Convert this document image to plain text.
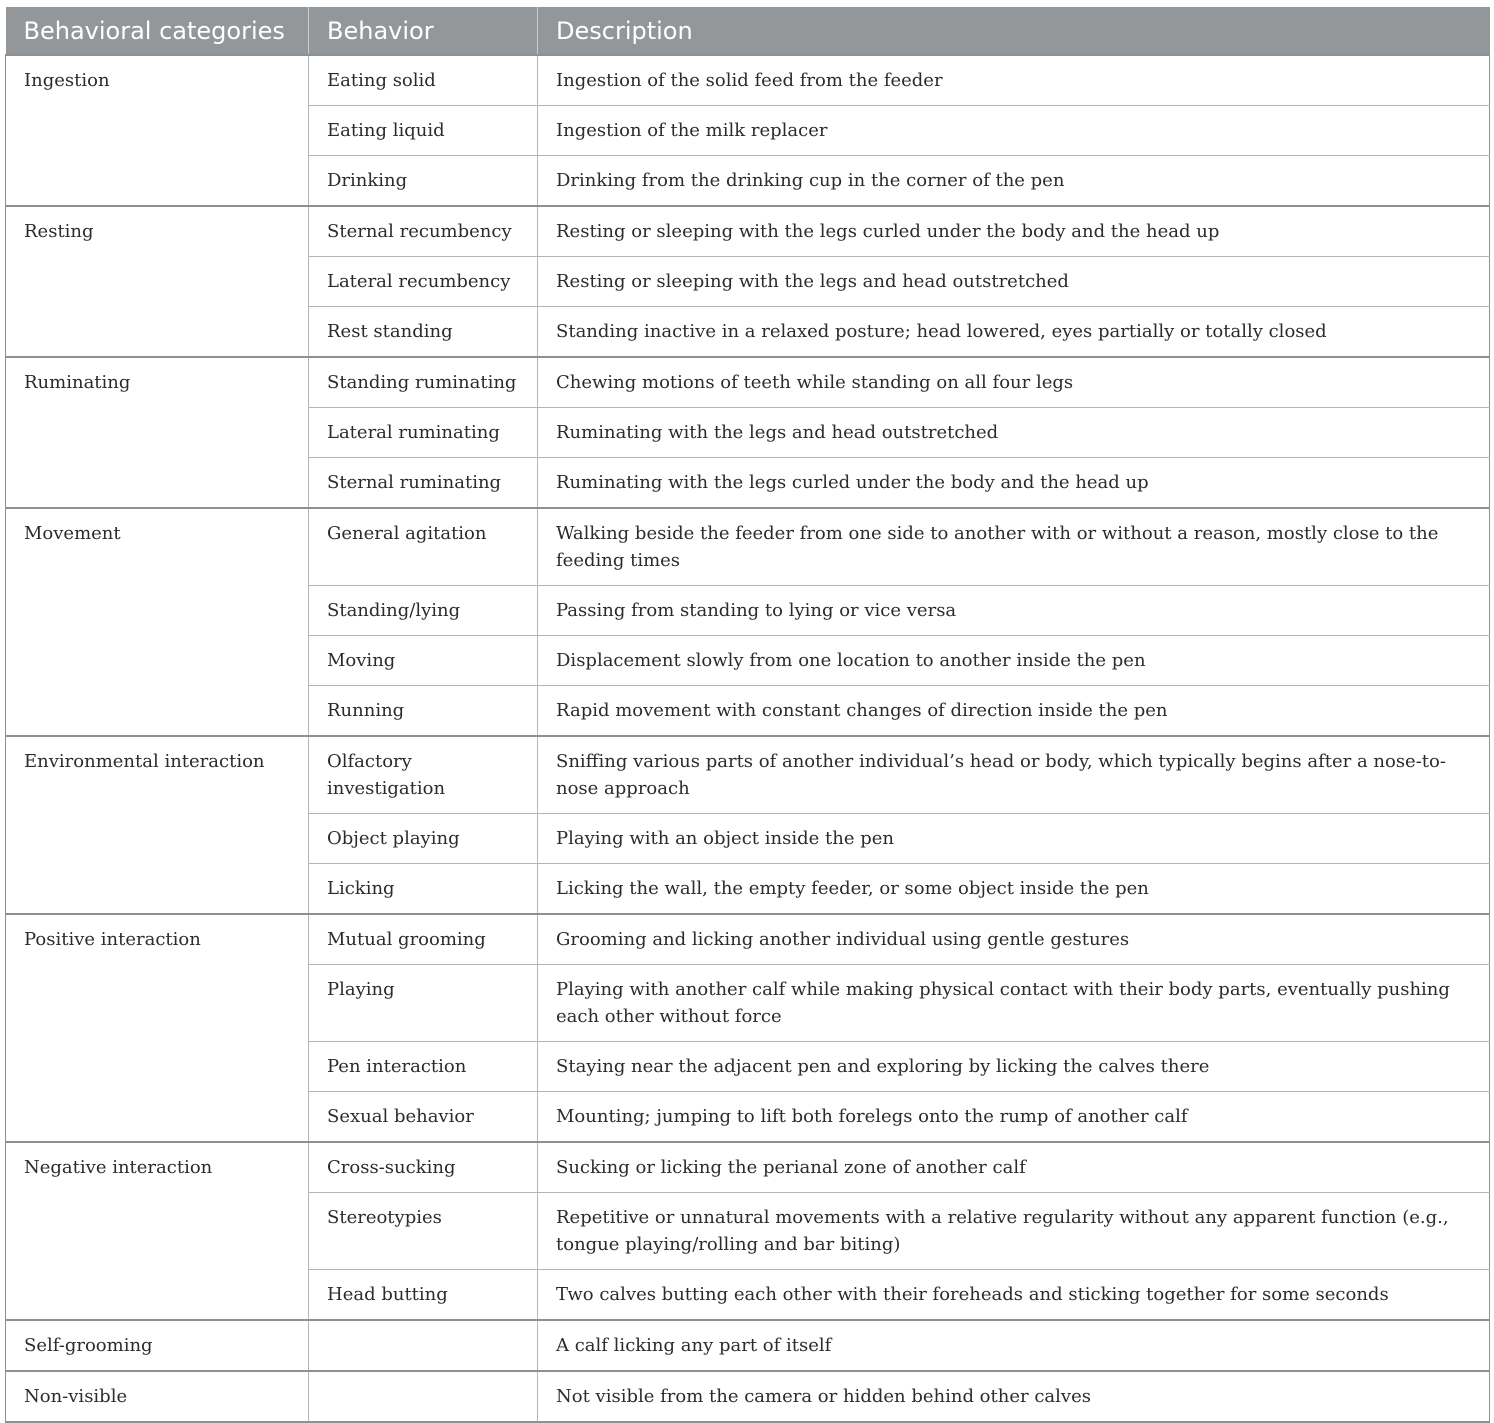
Behavioral categories	Behavior	Description
Ingestion	Eating solid	Ingestion of the solid feed from the feeder
	Eating liquid	Ingestion of the milk replacer
	Drinking	Drinking from the drinking cup in the corner of the pen
Resting	Sternal recumbency	Resting or sleeping with the legs curled under the body and the head up
	Lateral recumbency	Resting or sleeping with the legs and head outstretched
	Rest standing	Standing inactive in a relaxed posture; head lowered, eyes partially or totally closed
Ruminating	Standing ruminating	Chewing motions of teeth while standing on all four legs
	Lateral ruminating	Ruminating with the legs and head outstretched
	Sternal ruminating	Ruminating with the legs curled under the body and the head up
Movement	General agitation	Walking beside the feeder from one side to another with or without a reason, mostly close to the feeding times
	Standing/lying	Passing from standing to lying or vice versa
	Moving	Displacement slowly from one location to another inside the pen
	Running	Rapid movement with constant changes of direction inside the pen
Environmental interaction	Olfactory investigation	Sniffing various parts of another individual’s head or body, which typically begins after a nose-to-nose approach
	Object playing	Playing with an object inside the pen
	Licking	Licking the wall, the empty feeder, or some object inside the pen
Positive interaction	Mutual grooming	Grooming and licking another individual using gentle gestures
	Playing	Playing with another calf while making physical contact with their body parts, eventually pushing each other without force
	Pen interaction	Staying near the adjacent pen and exploring by licking the calves there
	Sexual behavior	Mounting; jumping to lift both forelegs onto the rump of another calf
Negative interaction	Cross-sucking	Sucking or licking the perianal zone of another calf
	Stereotypies	Repetitive or unnatural movements with a relative regularity without any apparent function (e.g., tongue playing/rolling and bar biting)
	Head butting	Two calves butting each other with their foreheads and sticking together for some seconds
Self-grooming		A calf licking any part of itself
Non-visible		Not visible from the camera or hidden behind other calves
